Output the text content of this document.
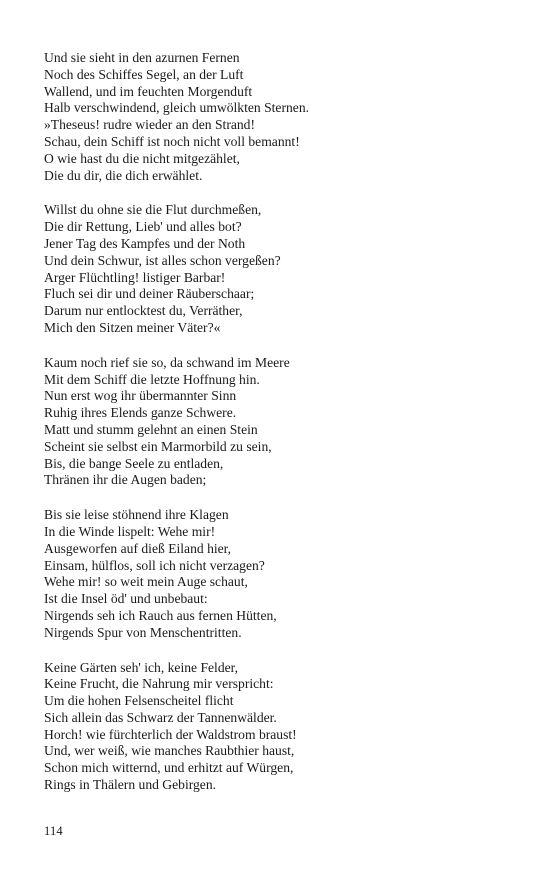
Und sie sieht in den azurnen Fernen
Noch des Schiffes Segel, an der Luft
Wallend, und im feuchten Morgenduft
Halb verschwindend, gleich umwölkten Sternen.
»Theseus! rudre wieder an den Strand!
Schau, dein Schiff ist noch nicht voll bemannt!
O wie hast du die nicht mitgezählet,
Die du dir, die dich erwählet.
Willst du ohne sie die Flut durchmeßen,
Die dir Rettung, Lieb' und alles bot?
Jener Tag des Kampfes und der Noth
Und dein Schwur, ist alles schon vergeßen?
Arger Flüchtling! listiger Barbar!
Fluch sei dir und deiner Räuberschaar;
Darum nur entlocktest du, Verräther,
Mich den Sitzen meiner Väter?«
Kaum noch rief sie so, da schwand im Meere
Mit dem Schiff die letzte Hoffnung hin.
Nun erst wog ihr übermannter Sinn
Ruhig ihres Elends ganze Schwere.
Matt und stumm gelehnt an einen Stein
Scheint sie selbst ein Marmorbild zu sein,
Bis, die bange Seele zu entladen,
Thränen ihr die Augen baden;
Bis sie leise stöhnend ihre Klagen
In die Winde lispelt: Wehe mir!
Ausgeworfen auf dieß Eiland hier,
Einsam, hülflos, soll ich nicht verzagen?
Wehe mir! so weit mein Auge schaut,
Ist die Insel öd' und unbebaut:
Nirgends seh ich Rauch aus fernen Hütten,
Nirgends Spur von Menschentritten.
Keine Gärten seh' ich, keine Felder,
Keine Frucht, die Nahrung mir verspricht:
Um die hohen Felsenscheitel flicht
Sich allein das Schwarz der Tannenwälder.
Horch! wie fürchterlich der Waldstrom braust!
Und, wer weiß, wie manches Raubthier haust,
Schon mich witternd, und erhitzt auf Würgen,
Rings in Thälern und Gebirgen.
114
